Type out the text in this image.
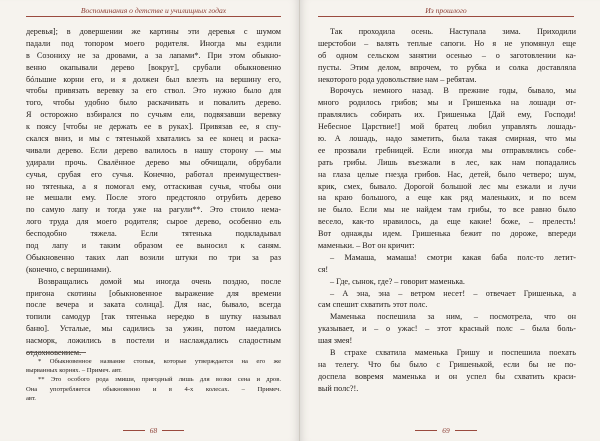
Воспоминания о детстве и училищных годах
деревья]; в довершении же картины эти деревья с шумом
падали под топором моего родителя. Иногда мы ездили
в Созониху не за дровами, а за лапами*. При этом обыкно-
венно окапывали дерево [вокруг], срубали обыкновенно
бóльшие корни его, и я должен был влезть на вершину его,
чтобы привязать веревку за его ствол. Это нужно было для
того, чтобы удобно было раскачивать и повалить дерево.
Я осторожно взбирался по сучьям ели, подвязавши веревку
к поясу [чтобы не держать ее в руках]. Привязав ее, я спу-
скался вниз, и мы с тятенькой хватались за ее конец и раска-
чивали дерево. Если дерево валилось в нашу сторону — мы
удирали прочь. Свалённое дерево мы обчищали, обрубали
сучья, срубая его сучья. Конечно, работал преимуществен-
но тятенька, а я помогал ему, оттаскивая сучья, чтобы они
не мешали ему. После этого предстояло отрубить дерево
по самую лапу и тогда уже на рагули**. Это стоило нема-
лого труда для моего родителя; сырое дерево, особенно ель
бесподобно тяжела. Если тятенька подкладывал
под лапу и таким образом ее выносил к саням.
Обыкновенно таких лап возили штуки по три за раз
(конечно, с вершинами).
Возвращались домой мы иногда очень поздно, после
пригона скотины [обыкновенное выражение для времени
после вечера и заката солнца]. Для нас, бывало, всегда
топили самодур [так тятенька нередко в шутку называл
баню]. Усталые, мы садились за ужин, потом наедались
насморк, ложились в постели и наслаждались сладостным
отдохновением.
* Обыкновенное название стопыя, которые утверждается на его же
вырванных корнях. – Примеч. авт.
** Это особого рода змиши, пригодный лишь для возки сена и дров.
Она употребляется обыкновенно и в 4-х колесах. – Примеч.
авт.
68
Из прошлого
Так проходила осень. Наступала зима. Приходили
шерстобои – валять теплые сапоги. Но я не упомянул еще
об одном сельском занятии осенью – о заготовлении ка-
пусты. Этим делом, впрочем, то рубка и солка доставляла
некоторого рода удовольствие нам – ребятам.
Ворочусь немного назад. В прежние годы, бывало, мы
много родилось грибов; мы и Гришенька на лошади от-
правлялись собирать их. Гришенька [Дай ему, Господи!
Небесное Царствие!] мой братец любил управлять лошадь-
ю. А лошадь, надо заметить, была такая смирная, что мы
ее прозвали гребницей. Если иногда мы отправлялись собе-
рать грибы. Лишь въезжали в лес, как нам попадались
на глаза целые гнезда грибов. Нас, детей, было четверо; шум,
крик, смех, бывало. Дорогой большой лес мы езжали и лучи
на краю большого, а еще как ряд маленьких, и по всем
не было. Если мы не найдем там грибы, то все равно было
весело, как-то нравилось, да еще какие! боже, – прелесть!
Вот однажды идем. Гришенька бежит по дороже, впереди
маменьки. – Вот он кричит:
– Мамаша, мамаша! смотри какая баба полс-то летит-
ся!
– Где, сынок, где? – говорит маменька.
– А эна, эна – ветром несет! – отвечает Гришенька, а
сам спешит схватить этот полс.
Маменька поспешила за ним, – посмотрела, что он
указывает, и – о ужас! – этот красный полс – была боль-
шая змея!
В страхе схватила маменька Гришу и поспешила поехать
на телегу. Что бы было с Гришенькой, если бы не по-
доспела вовремя маменька и он успел бы схватить краси-
вый полс?!.
69
